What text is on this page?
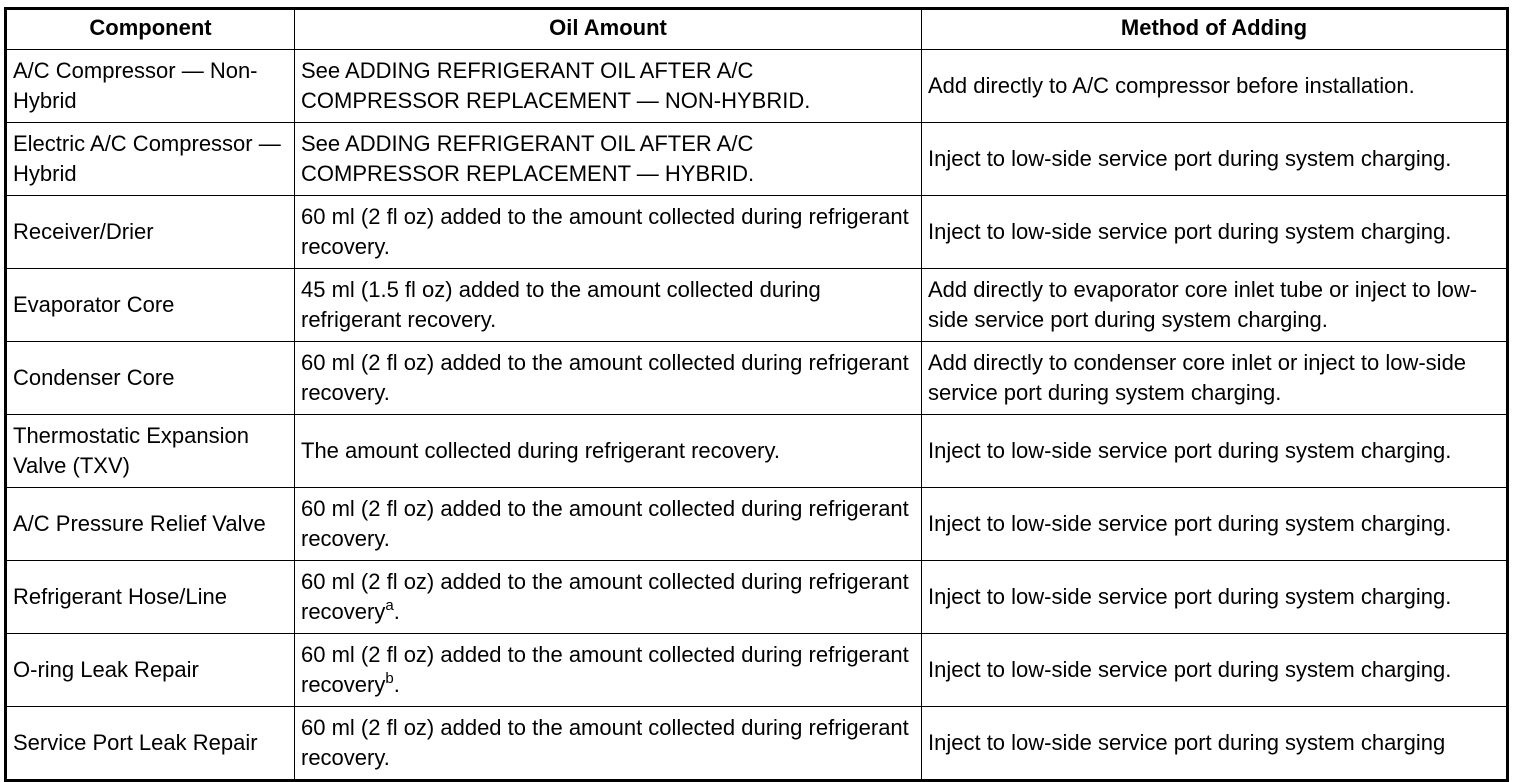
Component	Oil Amount	Method of Adding
A/C Compressor — Non-Hybrid	See ADDING REFRIGERANT OIL AFTER A/C COMPRESSOR REPLACEMENT — NON-HYBRID.	Add directly to A/C compressor before installation.
Electric A/C Compressor — Hybrid	See ADDING REFRIGERANT OIL AFTER A/C COMPRESSOR REPLACEMENT — HYBRID.	Inject to low-side service port during system charging.
Receiver/Drier	60 ml (2 fl oz) added to the amount collected during refrigerant recovery.	Inject to low-side service port during system charging.
Evaporator Core	45 ml (1.5 fl oz) added to the amount collected during refrigerant recovery.	Add directly to evaporator core inlet tube or inject to low-side service port during system charging.
Condenser Core	60 ml (2 fl oz) added to the amount collected during refrigerant recovery.	Add directly to condenser core inlet or inject to low-side service port during system charging.
Thermostatic Expansion Valve (TXV)	The amount collected during refrigerant recovery.	Inject to low-side service port during system charging.
A/C Pressure Relief Valve	60 ml (2 fl oz) added to the amount collected during refrigerant recovery.	Inject to low-side service port during system charging.
Refrigerant Hose/Line	60 ml (2 fl oz) added to the amount collected during refrigerant recovery$^a$.	Inject to low-side service port during system charging.
O-ring Leak Repair	60 ml (2 fl oz) added to the amount collected during refrigerant recovery$^b$.	Inject to low-side service port during system charging.
Service Port Leak Repair	60 ml (2 fl oz) added to the amount collected during refrigerant recovery.	Inject to low-side service port during system charging
